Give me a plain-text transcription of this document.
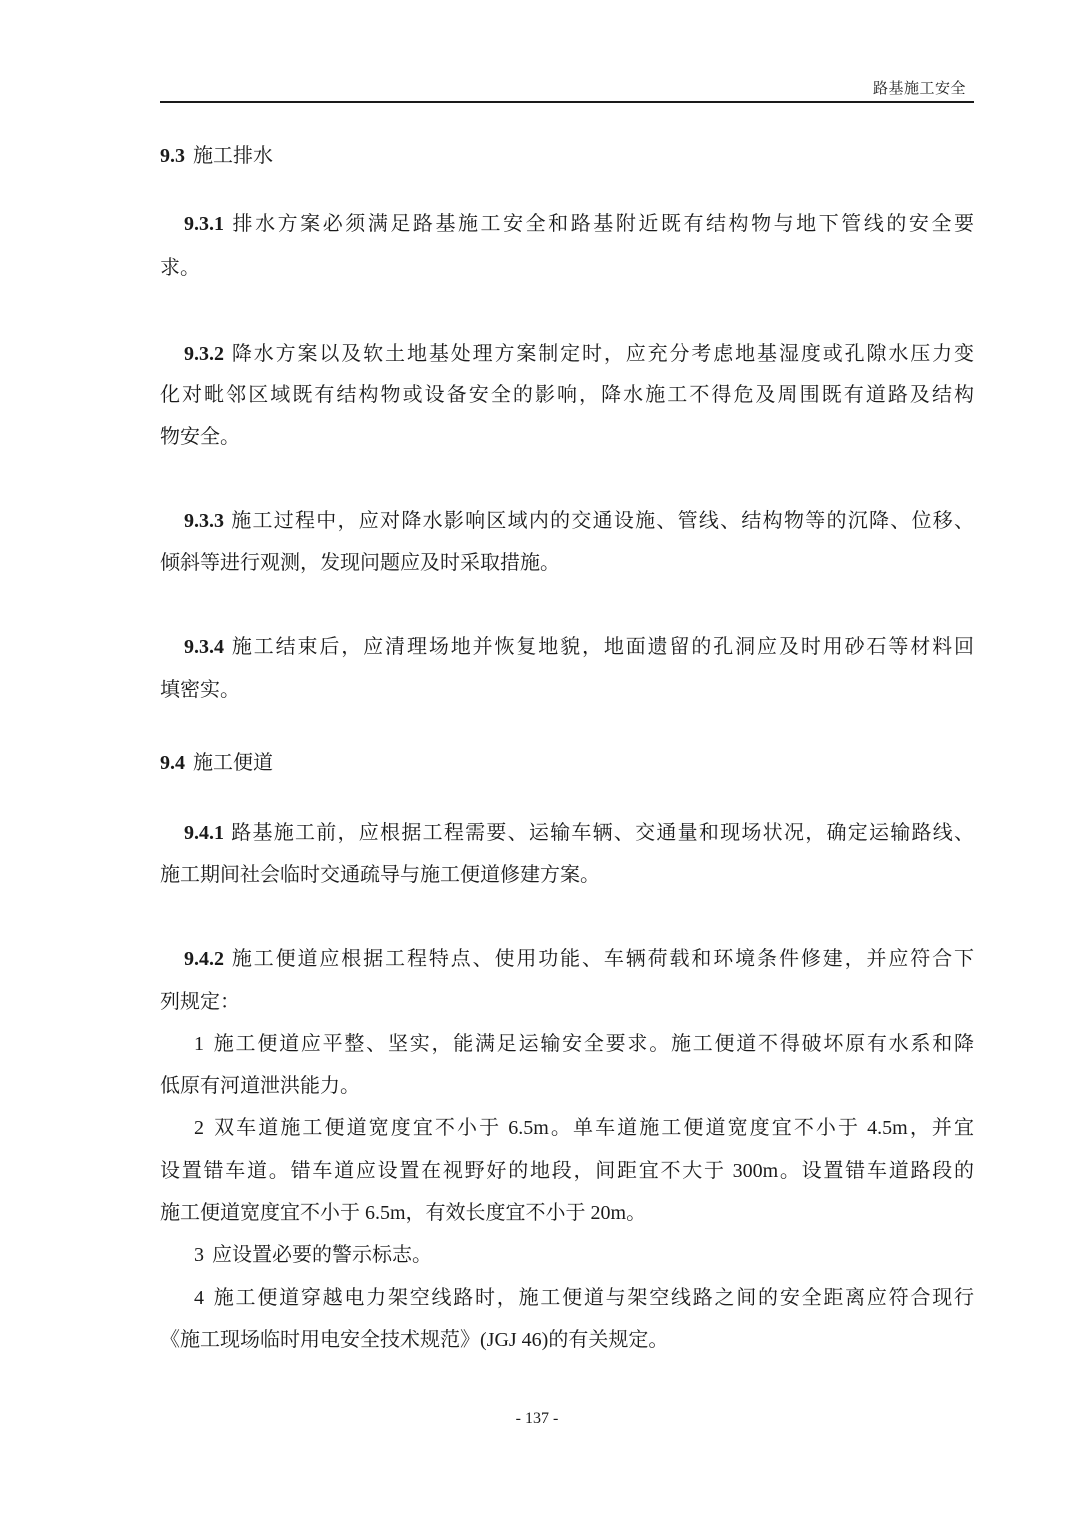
路基施工安全
9.3 施工排水
9.3.1 排水方案必须满足路基施工安全和路基附近既有结构物与地下管线的安全要
求。
9.3.2 降水方案以及软土地基处理方案制定时，应充分考虑地基湿度或孔隙水压力变
化对毗邻区域既有结构物或设备安全的影响，降水施工不得危及周围既有道路及结构
物安全。
9.3.3 施工过程中，应对降水影响区域内的交通设施、管线、结构物等的沉降、位移、
倾斜等进行观测，发现问题应及时采取措施。
9.3.4 施工结束后，应清理场地并恢复地貌，地面遗留的孔洞应及时用砂石等材料回
填密实。
9.4 施工便道
9.4.1 路基施工前，应根据工程需要、运输车辆、交通量和现场状况，确定运输路线、
施工期间社会临时交通疏导与施工便道修建方案。
9.4.2 施工便道应根据工程特点、使用功能、车辆荷载和环境条件修建，并应符合下
列规定：
1 施工便道应平整、坚实，能满足运输安全要求。施工便道不得破坏原有水系和降
低原有河道泄洪能力。
2 双车道施工便道宽度宜不小于 6.5m。单车道施工便道宽度宜不小于 4.5m，并宜
设置错车道。错车道应设置在视野好的地段，间距宜不大于 300m。设置错车道路段的
施工便道宽度宜不小于 6.5m，有效长度宜不小于 20m。
3 应设置必要的警示标志。
4 施工便道穿越电力架空线路时，施工便道与架空线路之间的安全距离应符合现行
《施工现场临时用电安全技术规范》(JGJ 46)的有关规定。
- 137 -
